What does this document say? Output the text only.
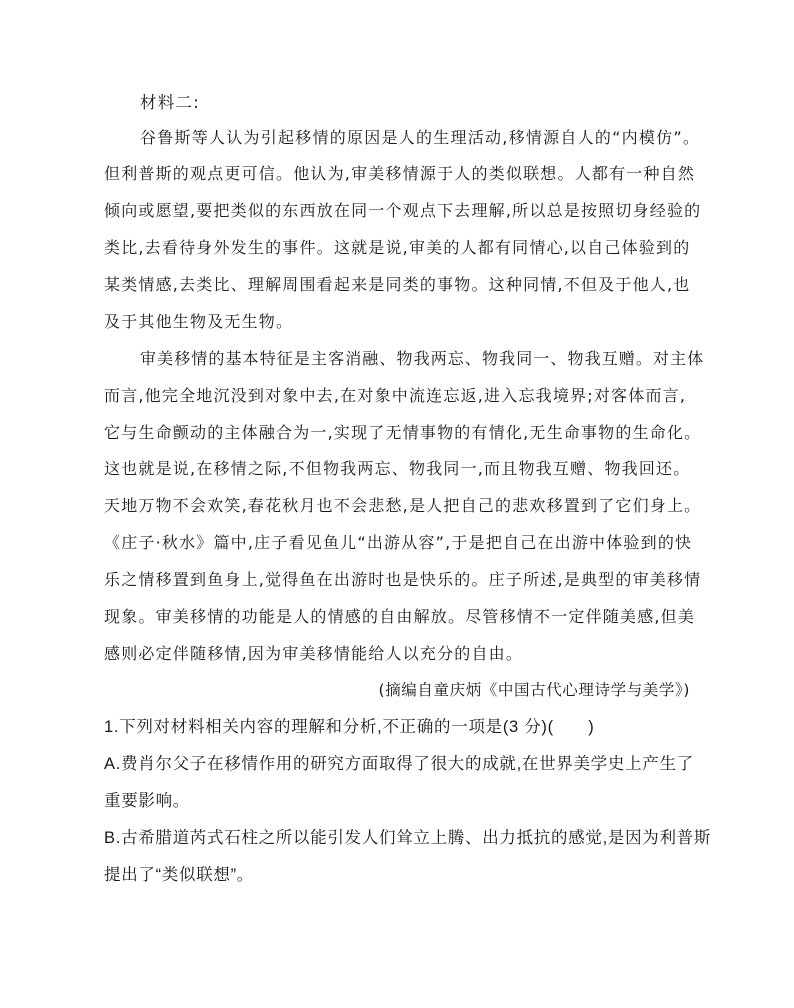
材料二:
谷鲁斯等人认为引起移情的原因是人的生理活动,移情源自人的“内模仿”。
但利普斯的观点更可信。他认为,审美移情源于人的类似联想。人都有一种自然
倾向或愿望,要把类似的东西放在同一个观点下去理解,所以总是按照切身经验的
类比,去看待身外发生的事件。这就是说,审美的人都有同情心,以自己体验到的
某类情感,去类比、理解周围看起来是同类的事物。这种同情,不但及于他人,也
及于其他生物及无生物。
审美移情的基本特征是主客消融、物我两忘、物我同一、物我互赠。对主体
而言,他完全地沉没到对象中去,在对象中流连忘返,进入忘我境界;对客体而言,
它与生命颤动的主体融合为一,实现了无情事物的有情化,无生命事物的生命化。
这也就是说,在移情之际,不但物我两忘、物我同一,而且物我互赠、物我回还。
天地万物不会欢笑,春花秋月也不会悲愁,是人把自己的悲欢移置到了它们身上。
《庄子·秋水》篇中,庄子看见鱼儿“出游从容”,于是把自己在出游中体验到的快
乐之情移置到鱼身上,觉得鱼在出游时也是快乐的。庄子所述,是典型的审美移情
现象。审美移情的功能是人的情感的自由解放。尽管移情不一定伴随美感,但美
感则必定伴随移情,因为审美移情能给人以充分的自由。
(摘编自童庆炳《中国古代心理诗学与美学》)
1.下列对材料相关内容的理解和分析,不正确的一项是(3 分)(　　)
A.费肖尔父子在移情作用的研究方面取得了很大的成就,在世界美学史上产生了
重要影响。
B.古希腊道芮式石柱之所以能引发人们耸立上腾、出力抵抗的感觉,是因为利普斯
提出了“类似联想”。
